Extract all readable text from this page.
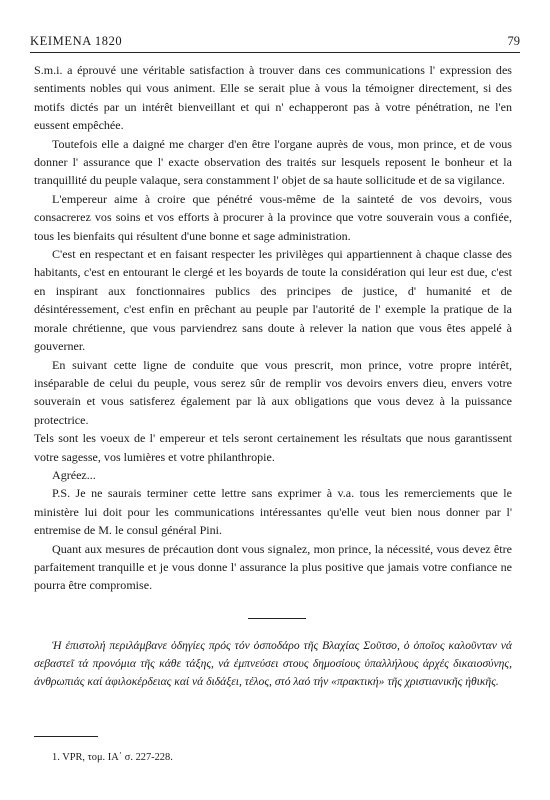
ΚΕΙΜΕΝΑ 1820	79

S.m.i. a éprouvé une véritable satisfaction à trouver dans ces communications l' expression des sentiments nobles qui vous animent. Elle se serait plue à vous la témoigner directement, si des motifs dictés par un intérêt bienveillant et qui n' echapperont pas à votre pénétration, ne l'en eussent empêchée.

Toutefois elle a daigné me charger d'en être l'organe auprès de vous, mon prince, et de vous donner l' assurance que l' exacte observation des traités sur lesquels reposent le bonheur et la tranquillité du peuple valaque, sera constamment l' objet de sa haute sollicitude et de sa vigilance.

L'empereur aime à croire que pénétré vous-même de la sainteté de vos devoirs, vous consacrerez vos soins et vos efforts à procurer à la province que votre souverain vous a confiée, tous les bienfaits qui résultent d'une bonne et sage administration.

C'est en respectant et en faisant respecter les privilèges qui appartiennent à chaque classe des habitants, c'est en entourant le clergé et les boyards de toute la considération qui leur est due, c'est en inspirant aux fonctionnaires publics des principes de justice, d' humanité et de désintéressement, c'est enfin en prêchant au peuple par l'autorité de l' exemple la pratique de la morale chrétienne, que vous parviendrez sans doute à relever la nation que vous êtes appelé à gouverner.

En suivant cette ligne de conduite que vous prescrit, mon prince, votre propre intérêt, inséparable de celui du peuple, vous serez sûr de remplir vos devoirs envers dieu, envers votre souverain et vous satisferez également par là aux obligations que vous devez à la puissance protectrice.

Tels sont les voeux de l' empereur et tels seront certainement les résultats que nous garantissent votre sagesse, vos lumières et votre philanthropie.

Agréez...

P.S. Je ne saurais terminer cette lettre sans exprimer à v.a. tous les remerciements que le ministère lui doit pour les communications intéressantes qu'elle veut bien nous donner par l' entremise de M. le consul général Pini.

Quant aux mesures de précaution dont vous signalez, mon prince, la nécessité, vous devez être parfaitement tranquille et je vous donne l' assurance la plus positive que jamais votre confiance ne pourra être compromise.

Ἡ ἐπιστολή περιλάμβανε ὁδηγίες πρός τόν ὁσποδάρο τῆς Βλαχίας Σοῦτσο, ὁ ὁποῖος καλοῦνταν νά σεβαστεῖ τά προνόμια τῆς κάθε τάξης, νά ἐμπνεύσει στους δημοσίους ὑπαλλήλους ἀρχές δικαιοσύνης, ἀνθρωπιάς καί ἀφιλοκέρδειας καί νά διδάξει, τέλος, στό λαό τήν «πρακτική» τῆς χριστιανικῆς ἠθικῆς.

1. VPR, τομ. IA΄ σ. 227-228.
